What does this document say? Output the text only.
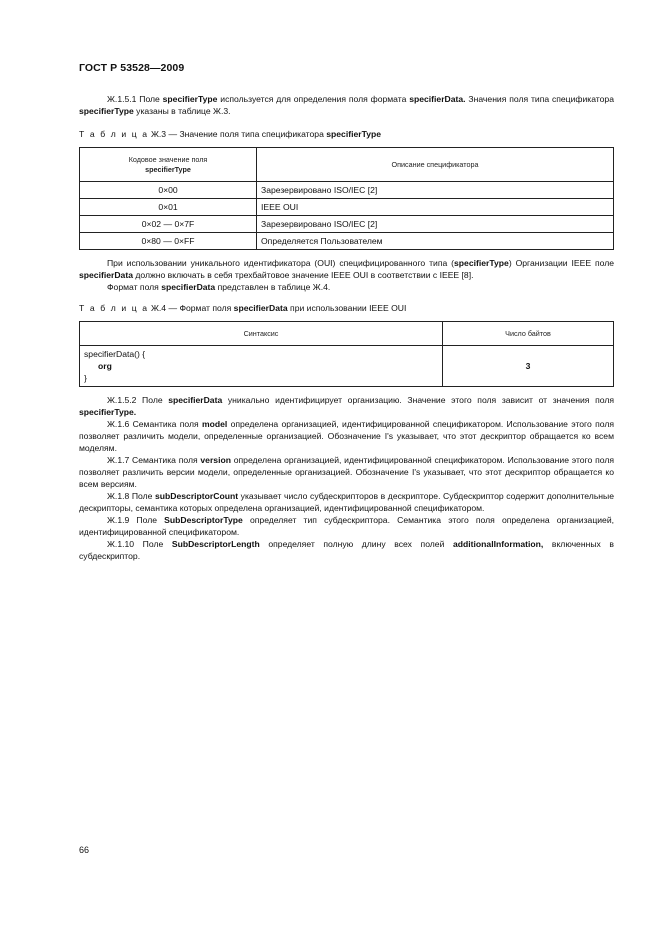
ГОСТ Р 53528—2009

Ж.1.5.1 Поле specifierType используется для определения поля формата specifierData. Значения поля типа спецификатора specifierType указаны в таблице Ж.3.

Т а б л и ц а Ж.3 — Значение поля типа спецификатора specifierType

Кодовое значение поля
specifierType	Описание спецификатора
0×00	Зарезервировано ISO/IEC [2]
0×01	IEEE OUI
0×02 — 0×7F	Зарезервировано ISO/IEC [2]
0×80 — 0×FF	Определяется Пользователем

При использовании уникального идентификатора (OUI) специфицированного типа (specifierType) Организации IEEE поле specifierData должно включать в себя трехбайтовое значение IEEE OUI в соответствии с IEEE [8].

Формат поля specifierData представлен в таблице Ж.4.

Т а б л и ц а Ж.4 — Формат поля specifierData при использовании IEEE OUI

Синтаксис	Число байтов

specifierData() {
org
}	3

Ж.1.5.2 Поле specifierData уникально идентифицирует организацию. Значение этого поля зависит от значения поля specifierType.

Ж.1.6 Семантика поля model определена организацией, идентифицированной спецификатором. Использование этого поля позволяет различить модели, определенные организацией. Обозначение I's указывает, что этот дескриптор обращается ко всем моделям.

Ж.1.7 Семантика поля version определена организацией, идентифицированной спецификатором. Использование этого поля позволяет различить версии модели, определенные организацией. Обозначение I's указывает, что этот дескриптор обращается ко всем версиям.

Ж.1.8 Поле subDescriptorCount указывает число субдескрипторов в дескрипторе. Субдескриптор содержит дополнительные дескрипторы, семантика которых определена организацией, идентифицированной спецификатором.

Ж.1.9 Поле SubDescriptorType определяет тип субдескриптора. Семантика этого поля определена организацией, идентифицированной спецификатором.

Ж.1.10 Поле SubDescriptorLength определяет полную длину всех полей additionalInformation, включенных в субдескриптор.

66
